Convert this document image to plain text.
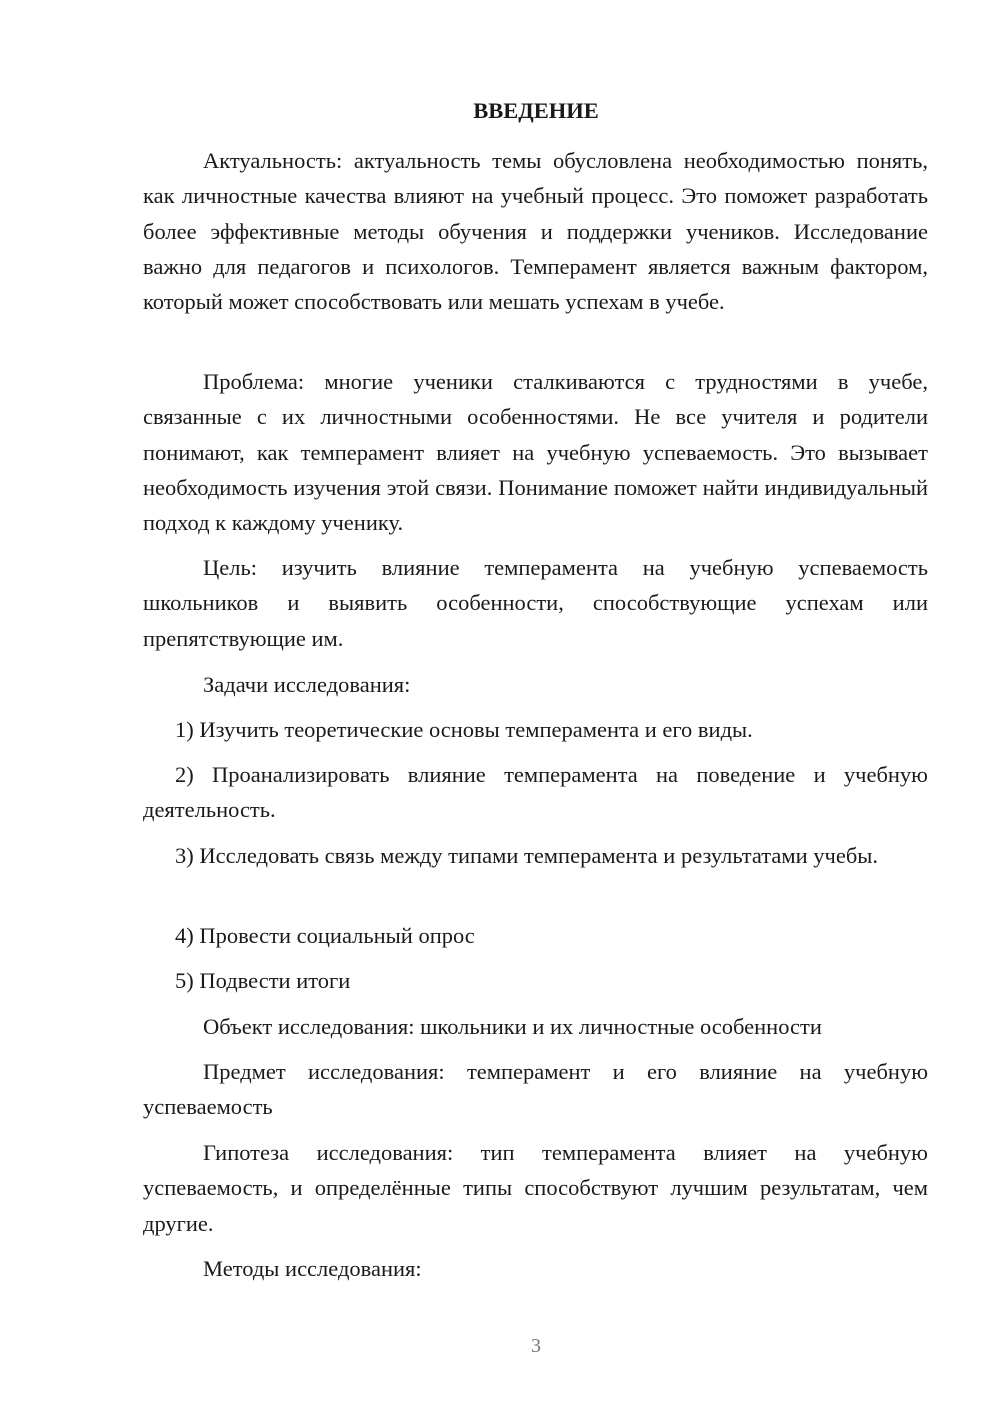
ВВЕДЕНИЕ

Актуальность: актуальность темы обусловлена необходимостью понять, как личностные качества влияют на учебный процесс. Это поможет разработать более эффективные методы обучения и поддержки учеников. Исследование важно для педагогов и психологов. Темперамент является важным фактором, который может способствовать или мешать успехам в учебе.

Проблема: многие ученики сталкиваются с трудностями в учебе, связанные с их личностными особенностями. Не все учителя и родители понимают, как темперамент влияет на учебную успеваемость. Это вызывает необходимость изучения этой связи. Понимание поможет найти индивидуальный подход к каждому ученику.

Цель: изучить влияние темперамента на учебную успеваемость школьников и выявить особенности, способствующие успехам или препятствующие им.

Задачи исследования:

1) Изучить теоретические основы темперамента и его виды.

2) Проанализировать влияние темперамента на поведение и учебную деятельность.

3) Исследовать связь между типами темперамента и результатами учебы.

4) Провести социальный опрос

5) Подвести итоги

Объект исследования: школьники и их личностные особенности

Предмет исследования: темперамент и его влияние на учебную успеваемость

Гипотеза исследования: тип темперамента влияет на учебную успеваемость, и определённые типы способствуют лучшим результатам, чем другие.

Методы исследования:

3
